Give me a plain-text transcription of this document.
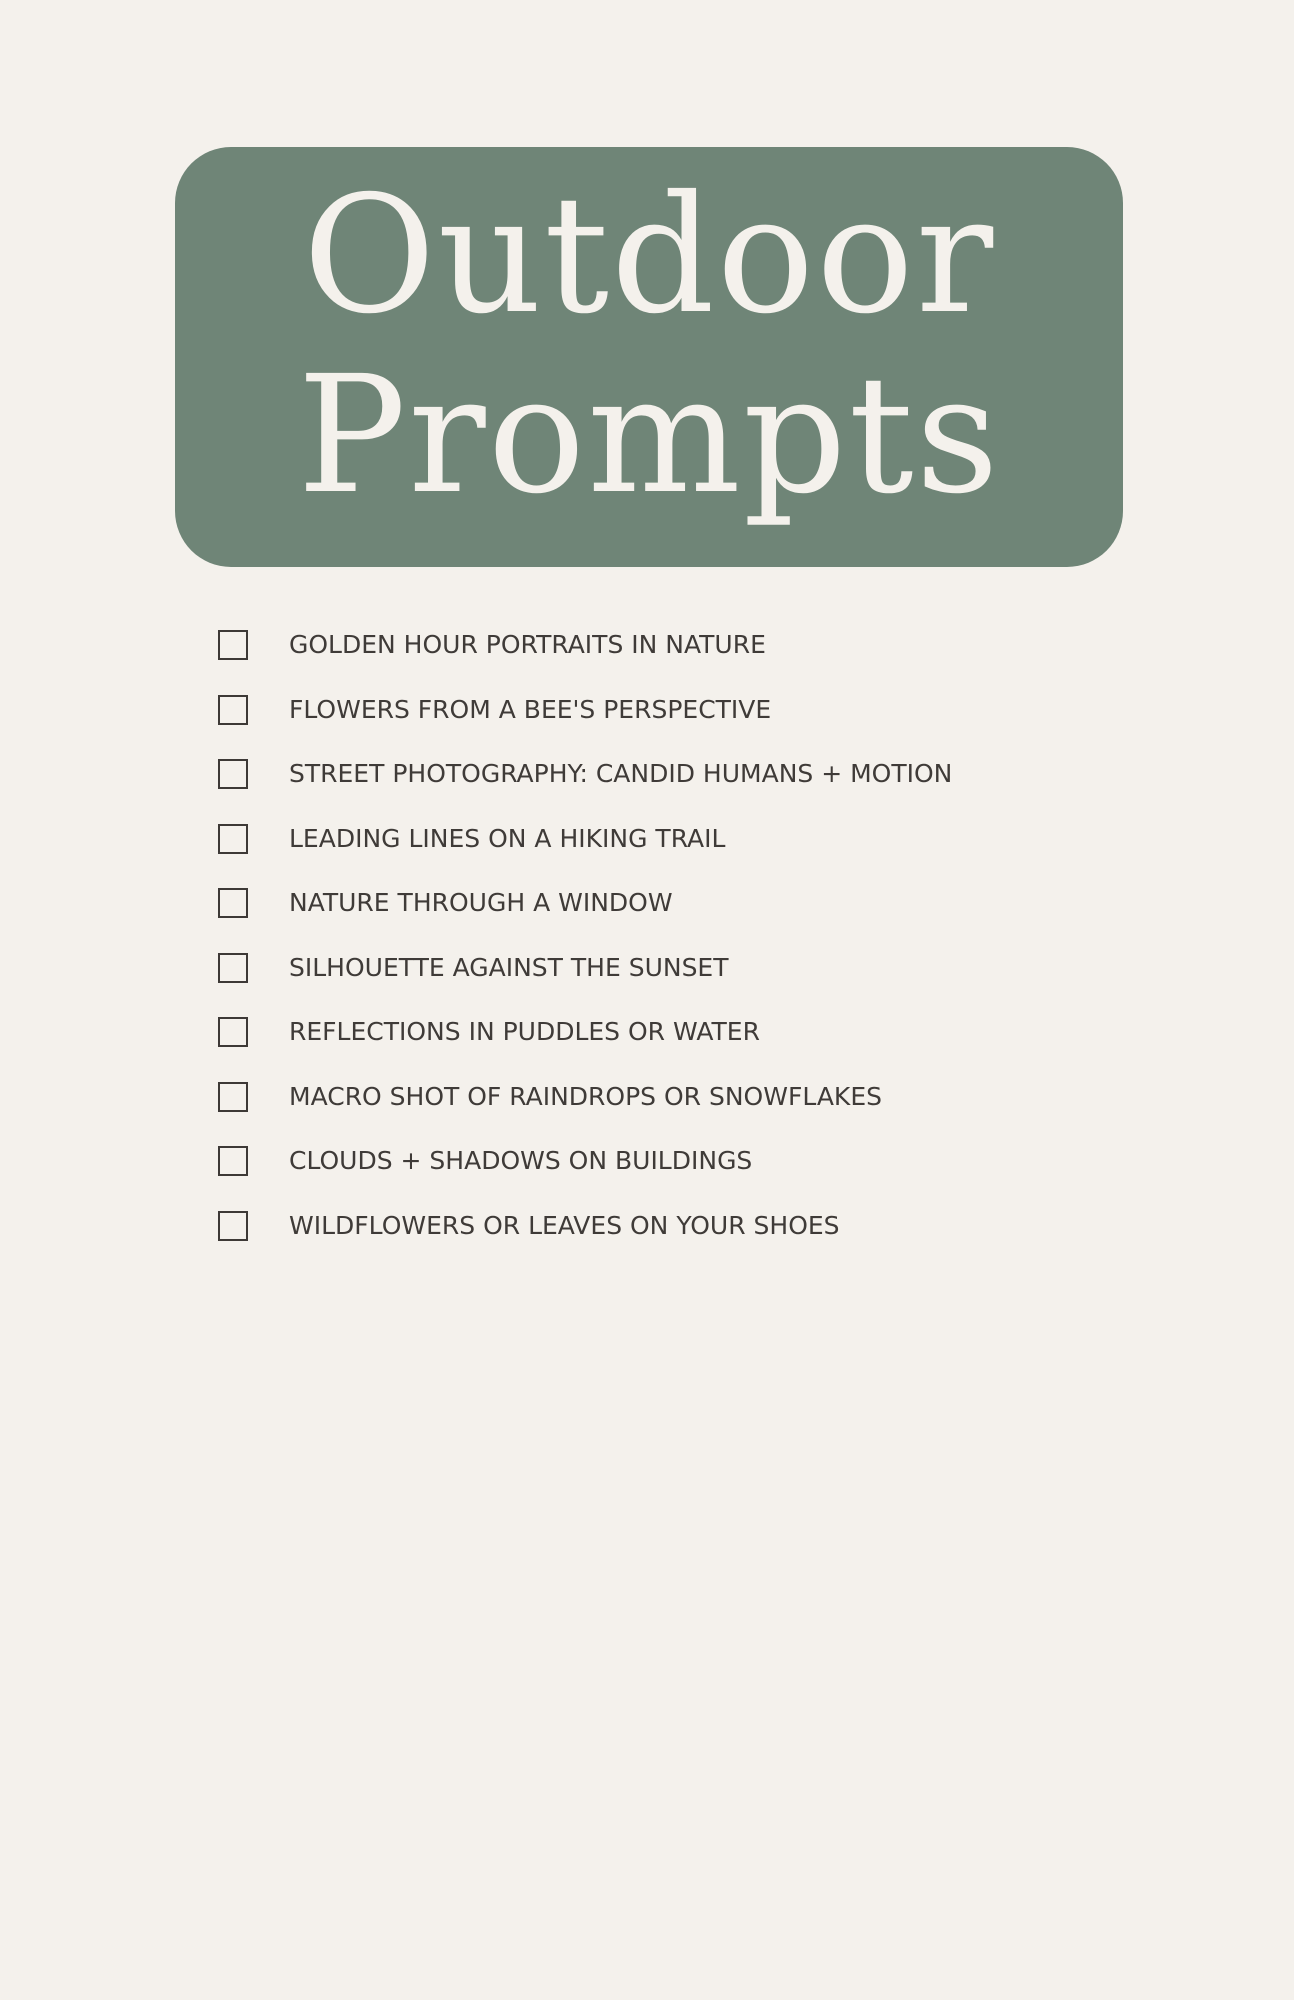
Outdoor
Prompts
GOLDEN HOUR PORTRAITS IN NATURE
FLOWERS FROM A BEE'S PERSPECTIVE
STREET PHOTOGRAPHY: CANDID HUMANS + MOTION
LEADING LINES ON A HIKING TRAIL
NATURE THROUGH A WINDOW
SILHOUETTE AGAINST THE SUNSET
REFLECTIONS IN PUDDLES OR WATER
MACRO SHOT OF RAINDROPS OR SNOWFLAKES
CLOUDS + SHADOWS ON BUILDINGS
WILDFLOWERS OR LEAVES ON YOUR SHOES
